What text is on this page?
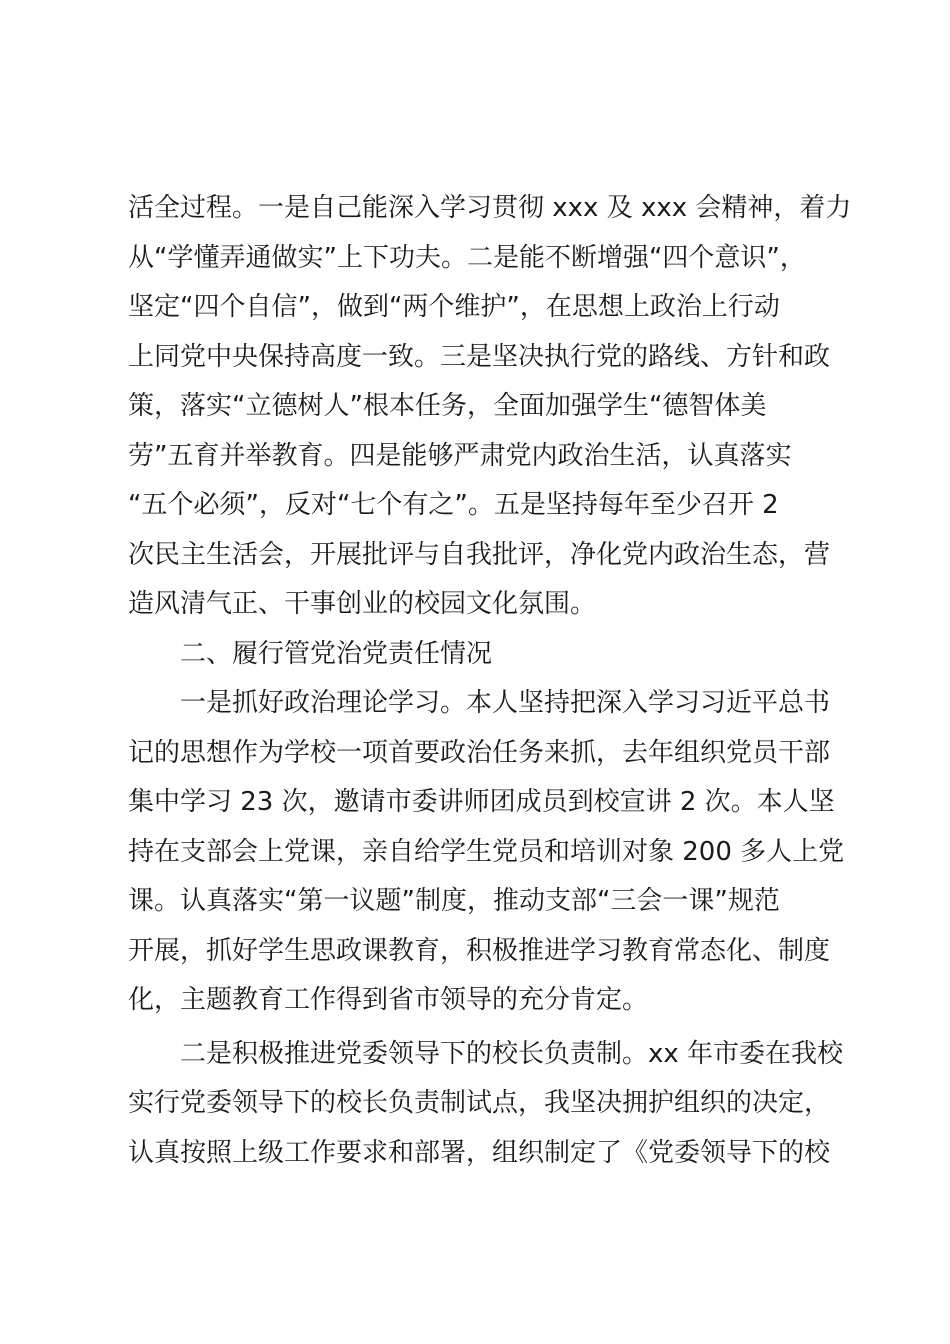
活全过程。一是自己能深入学习贯彻 xxx 及 xxx 会精神，着力
从“学懂弄通做实”上下功夫。二是能不断增强“四个意识”，
坚定“四个自信”，做到“两个维护”，在思想上政治上行动
上同党中央保持高度一致。三是坚决执行党的路线、方针和政
策，落实“立德树人”根本任务，全面加强学生“德智体美
劳”五育并举教育。四是能够严肃党内政治生活，认真落实
“五个必须”，反对“七个有之”。五是坚持每年至少召开 2
次民主生活会，开展批评与自我批评，净化党内政治生态，营
造风清气正、干事创业的校园文化氛围。
二、履行管党治党责任情况
一是抓好政治理论学习。本人坚持把深入学习习近平总书
记的思想作为学校一项首要政治任务来抓，去年组织党员干部
集中学习 23 次，邀请市委讲师团成员到校宣讲 2 次。本人坚
持在支部会上党课，亲自给学生党员和培训对象 200 多人上党
课。认真落实“第一议题”制度，推动支部“三会一课”规范
开展，抓好学生思政课教育，积极推进学习教育常态化、制度
化，主题教育工作得到省市领导的充分肯定。
二是积极推进党委领导下的校长负责制。xx 年市委在我校
实行党委领导下的校长负责制试点，我坚决拥护组织的决定，
认真按照上级工作要求和部署，组织制定了《党委领导下的校
